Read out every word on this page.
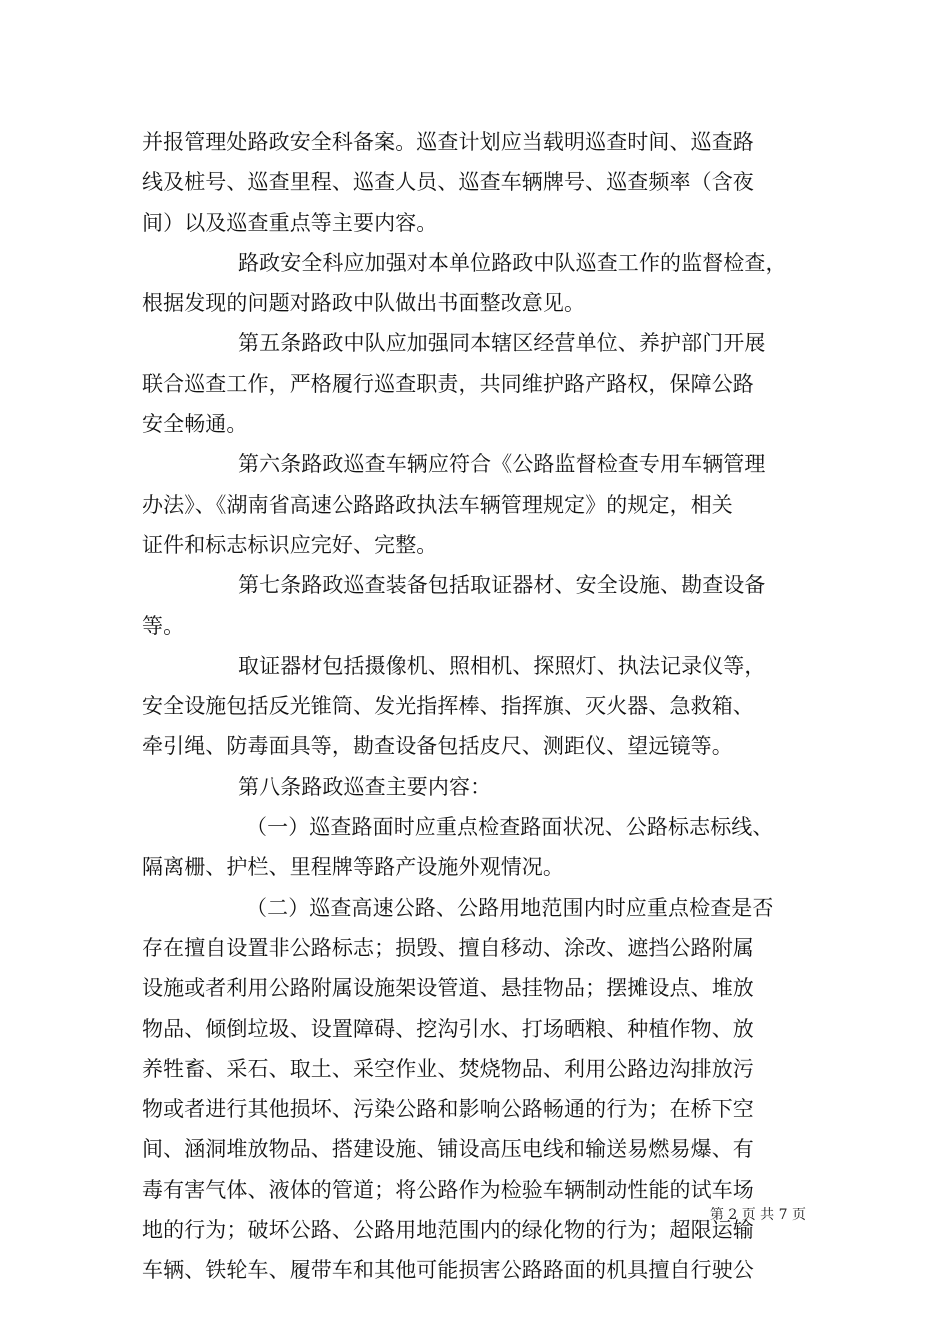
并报管理处路政安全科备案。巡查计划应当载明巡查时间、巡查路
线及桩号、巡查里程、巡查人员、巡查车辆牌号、巡查频率（含夜
间）以及巡查重点等主要内容。
路政安全科应加强对本单位路政中队巡查工作的监督检查，
根据发现的问题对路政中队做出书面整改意见。
第五条路政中队应加强同本辖区经营单位、养护部门开展
联合巡查工作，严格履行巡查职责，共同维护路产路权，保障公路
安全畅通。
第六条路政巡查车辆应符合《公路监督检查专用车辆管理
办法》、《湖南省高速公路路政执法车辆管理规定》的规定，相关
证件和标志标识应完好、完整。
第七条路政巡查装备包括取证器材、安全设施、勘查设备
等。
取证器材包括摄像机、照相机、探照灯、执法记录仪等，
安全设施包括反光锥筒、发光指挥棒、指挥旗、灭火器、急救箱、
牵引绳、防毒面具等，勘查设备包括皮尺、测距仪、望远镜等。
第八条路政巡查主要内容：
（一）巡查路面时应重点检查路面状况、公路标志标线、
隔离栅、护栏、里程牌等路产设施外观情况。
（二）巡查高速公路、公路用地范围内时应重点检查是否
存在擅自设置非公路标志；损毁、擅自移动、涂改、遮挡公路附属
设施或者利用公路附属设施架设管道、悬挂物品；摆摊设点、堆放
物品、倾倒垃圾、设置障碍、挖沟引水、打场晒粮、种植作物、放
养牲畜、采石、取土、采空作业、焚烧物品、利用公路边沟排放污
物或者进行其他损坏、污染公路和影响公路畅通的行为；在桥下空
间、涵洞堆放物品、搭建设施、铺设高压电线和输送易燃易爆、有
毒有害气体、液体的管道；将公路作为检验车辆制动性能的试车场
地的行为；破坏公路、公路用地范围内的绿化物的行为；超限运输
车辆、铁轮车、履带车和其他可能损害公路路面的机具擅自行驶公
第 2 页 共 7 页
